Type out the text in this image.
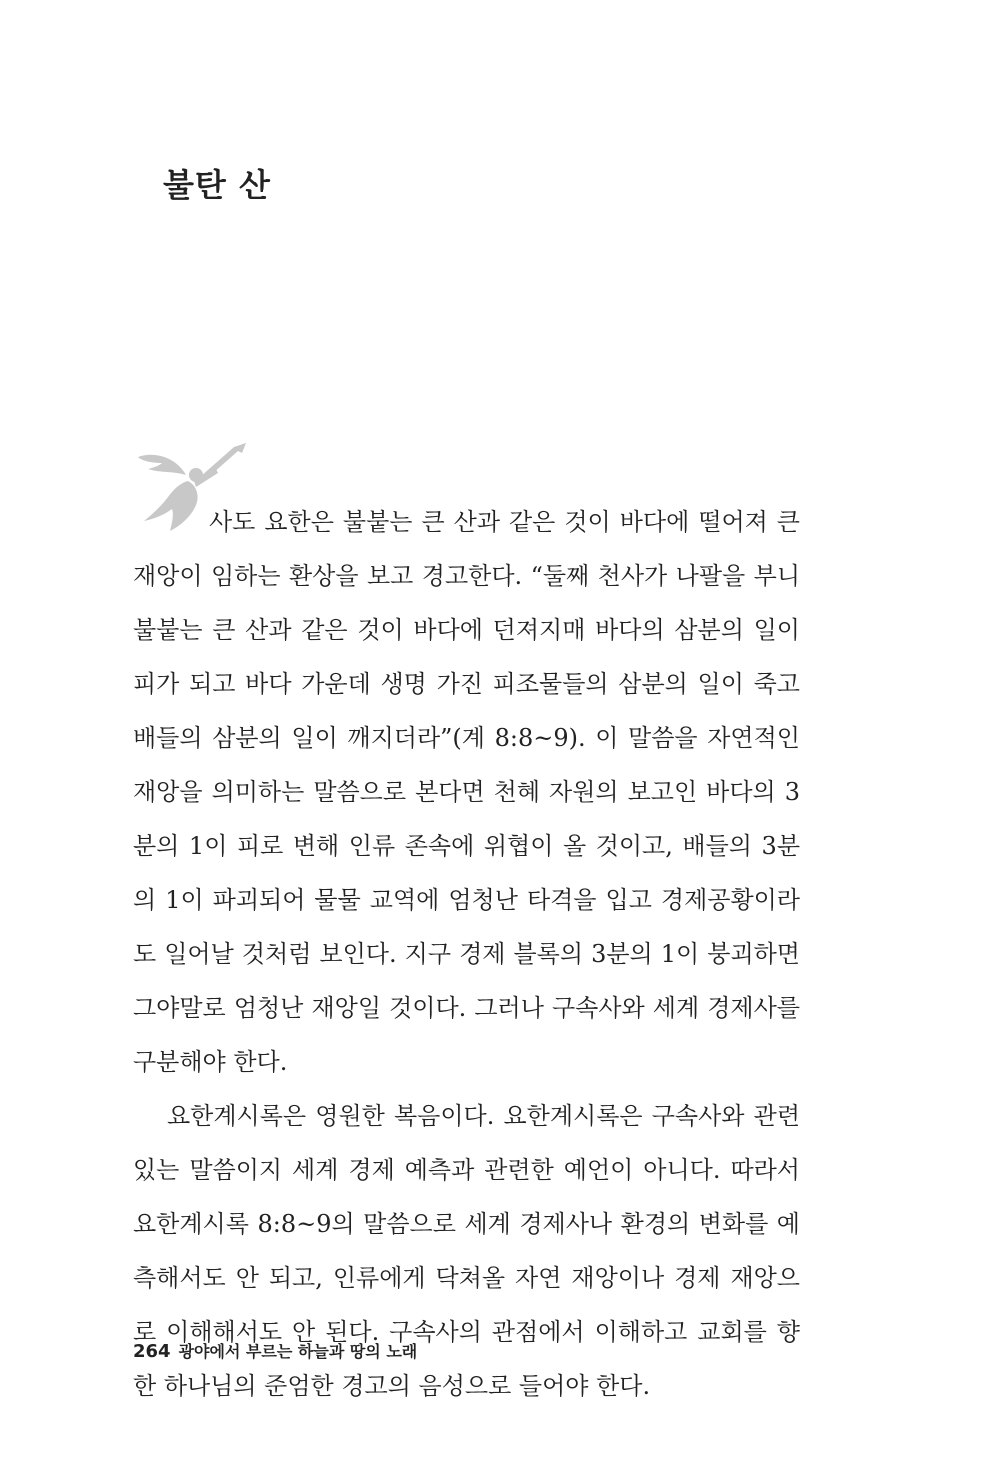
불탄 산

사도 요한은 불붙는 큰 산과 같은 것이 바다에 떨어져 큰 재앙이 임하는 환상을 보고 경고한다. “둘째 천사가 나팔을 부니 불붙는 큰 산과 같은 것이 바다에 던져지매 바다의 삼분의 일이 피가 되고 바다 가운데 생명 가진 피조물들의 삼분의 일이 죽고 배들의 삼분의 일이 깨지더라”(계 8:8~9). 이 말씀을 자연적인 재앙을 의미하는 말씀으로 본다면 천혜 자원의 보고인 바다의 3분의 1이 피로 변해 인류 존속에 위협이 올 것이고, 배들의 3분의 1이 파괴되어 물물 교역에 엄청난 타격을 입고 경제공황이라도 일어날 것처럼 보인다. 지구 경제 블록의 3분의 1이 붕괴하면 그야말로 엄청난 재앙일 것이다. 그러나 구속사와 세계 경제사를 구분해야 한다.

요한계시록은 영원한 복음이다. 요한계시록은 구속사와 관련 있는 말씀이지 세계 경제 예측과 관련한 예언이 아니다. 따라서 요한계시록 8:8~9의 말씀으로 세계 경제사나 환경의 변화를 예측해서도 안 되고, 인류에게 닥쳐올 자연 재앙이나 경제 재앙으로 이해해서도 안 된다. 구속사의 관점에서 이해하고 교회를 향한 하나님의 준엄한 경고의 음성으로 들어야 한다.

264 광야에서 부르는 하늘과 땅의 노래
